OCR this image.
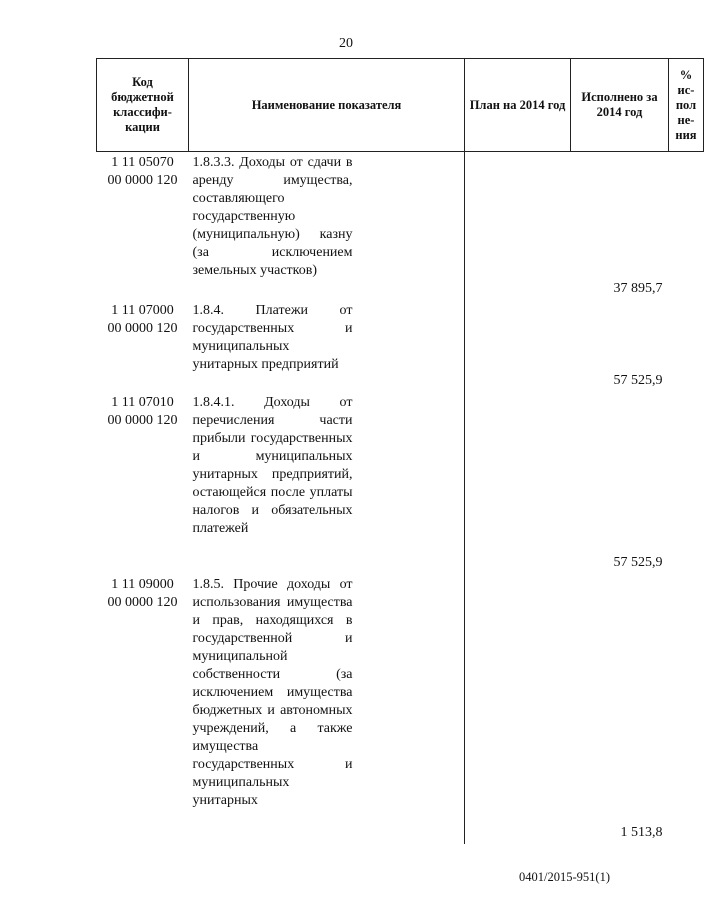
20
Код бюджетной классифи-кации	Наименование показателя	План на 2014 год	Исполнено за 2014 год	% ис-пол не-ния

1 11 05070
00 0000 120	1.8.3.3. Доходы от сдачи в аренду имущества, составляющего государственную (муниципальную) казну (за исключением земельных участков)		37 895,7	

1 11 07000
00 0000 120	1.8.4. Платежи от государственных и муниципальных унитарных предприятий		57 525,9	

1 11 07010
00 0000 120	1.8.4.1. Доходы от перечисления части прибыли государственных и муниципальных унитарных предприятий, остающейся после уплаты налогов и обязательных платежей		57 525,9	

1 11 09000
00 0000 120	1.8.5. Прочие доходы от использования имущества и прав, находящихся в государственной и муниципальной собственности (за исключением имущества бюджетных и автономных учреждений, а также имущества государственных и муниципальных унитарных		1 513,8	
0401/2015-951(1)
